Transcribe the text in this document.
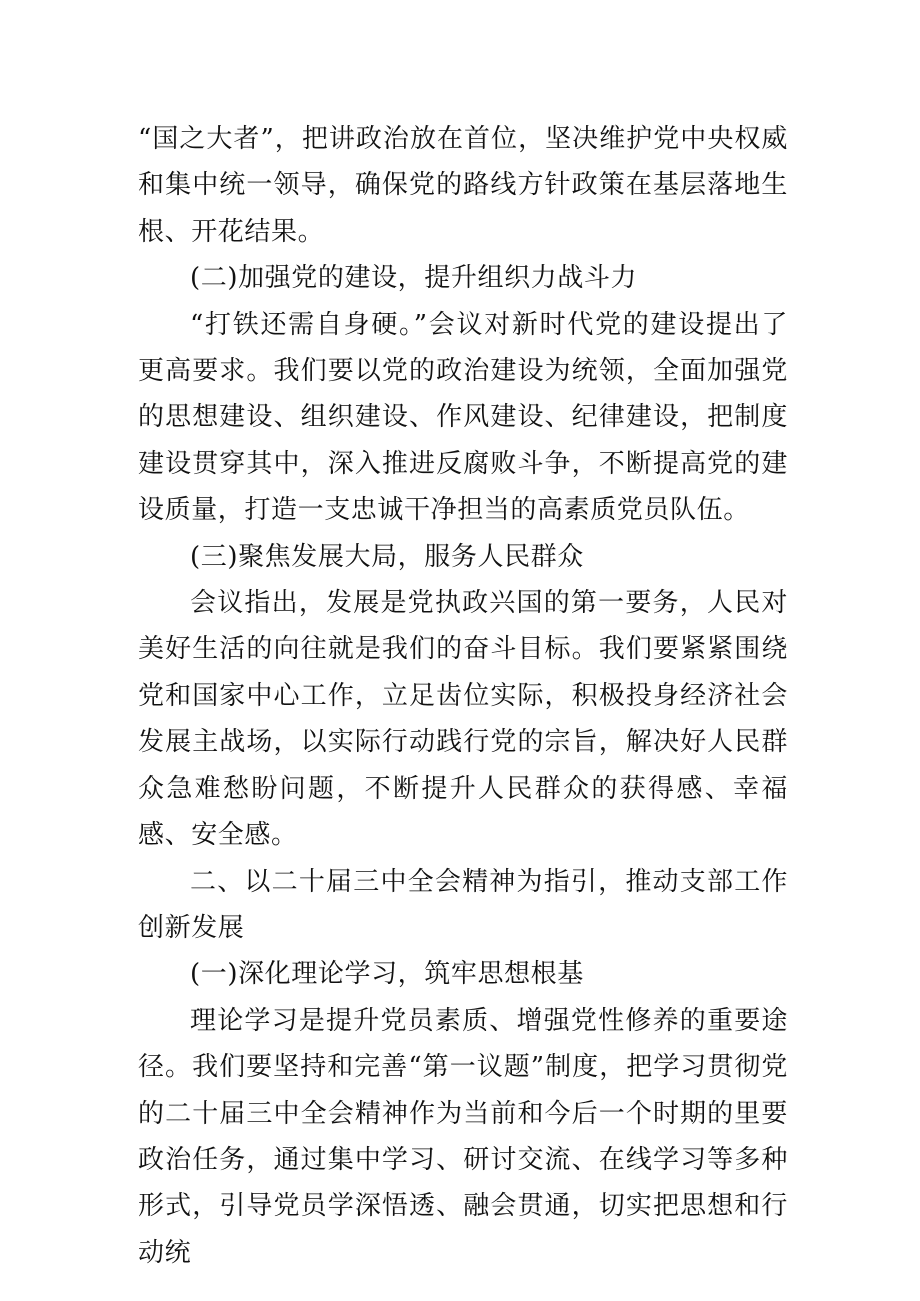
“国之大者”，把讲政治放在首位，坚决维护党中央权威和集中统一领导，确保党的路线方针政策在基层落地生根、开花结果。

(二)加强党的建设，提升组织力战斗力

“打铁还需自身硬。”会议对新时代党的建设提出了更高要求。我们要以党的政治建设为统领，全面加强党的思想建设、组织建设、作风建设、纪律建设，把制度建设贯穿其中，深入推进反腐败斗争，不断提高党的建设质量，打造一支忠诚干净担当的高素质党员队伍。

(三)聚焦发展大局，服务人民群众

会议指出，发展是党执政兴国的第一要务，人民对美好生活的向往就是我们的奋斗目标。我们要紧紧围绕党和国家中心工作，立足齿位实际，积极投身经济社会发展主战场，以实际行动践行党的宗旨，解决好人民群众急难愁盼问题，不断提升人民群众的获得感、幸福感、安全感。

二、以二十届三中全会精神为指引，推动支部工作创新发展

(一)深化理论学习，筑牢思想根基

理论学习是提升党员素质、增强党性修养的重要途径。我们要坚持和完善“第一议题”制度，把学习贯彻党的二十届三中全会精神作为当前和今后一个时期的里要政治任务，通过集中学习、研讨交流、在线学习等多种形式，引导党员学深悟透、融会贯通，切实把思想和行动统
